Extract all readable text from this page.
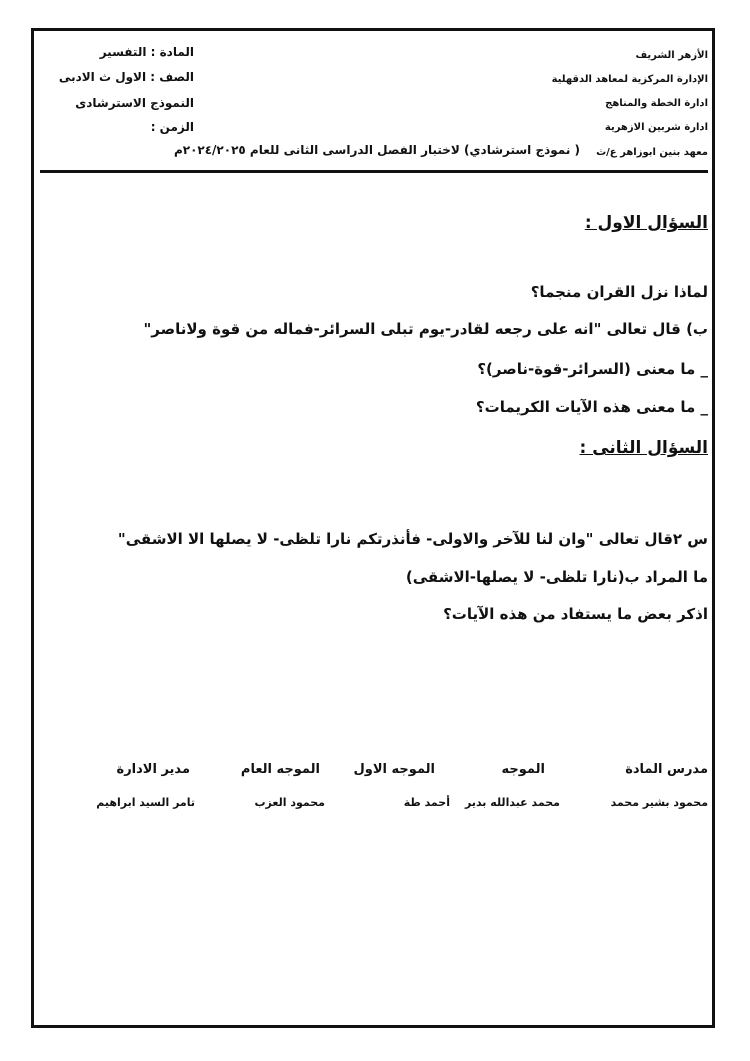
الأزهر الشريف
الإدارة المركزية لمعاهد الدقهلية
ادارة الخطة والمناهج
ادارة شربين الازهرية
معهد بنين ابوزاهر ع/ث
المادة : التفسير
الصف : الاول ث الادبى
النموذج الاسترشادى
الزمن :
( نموذج استرشادي) لاختبار الفصل الدراسى الثانى للعام ٢٠٢٤/٢٠٢٥م
السؤال الاول :
لماذا نزل القران منجما؟
ب) قال تعالى "انه على رجعه لقادر-يوم تبلى السرائر-فماله من قوة ولاناصر"
_ ما معنى (السرائر-قوة-ناصر)؟
_ ما معنى هذه الآيات الكريمات؟
السؤال الثانى :
س ٢قال تعالى "وان لنا للآخر والاولى- فأنذرتكم نارا تلظى- لا يصلها الا الاشقى"
ما المراد ب(نارا تلظى- لا يصلها-الاشقى)
اذكر بعض ما يستفاد من هذه الآيات؟
مدرس المادة
محمود بشير محمد
الموجه
محمد عبدالله بدير
الموجه الاول
أحمد طة
الموجه العام
محمود العزب
مدير الادارة
تامر السيد ابراهيم
